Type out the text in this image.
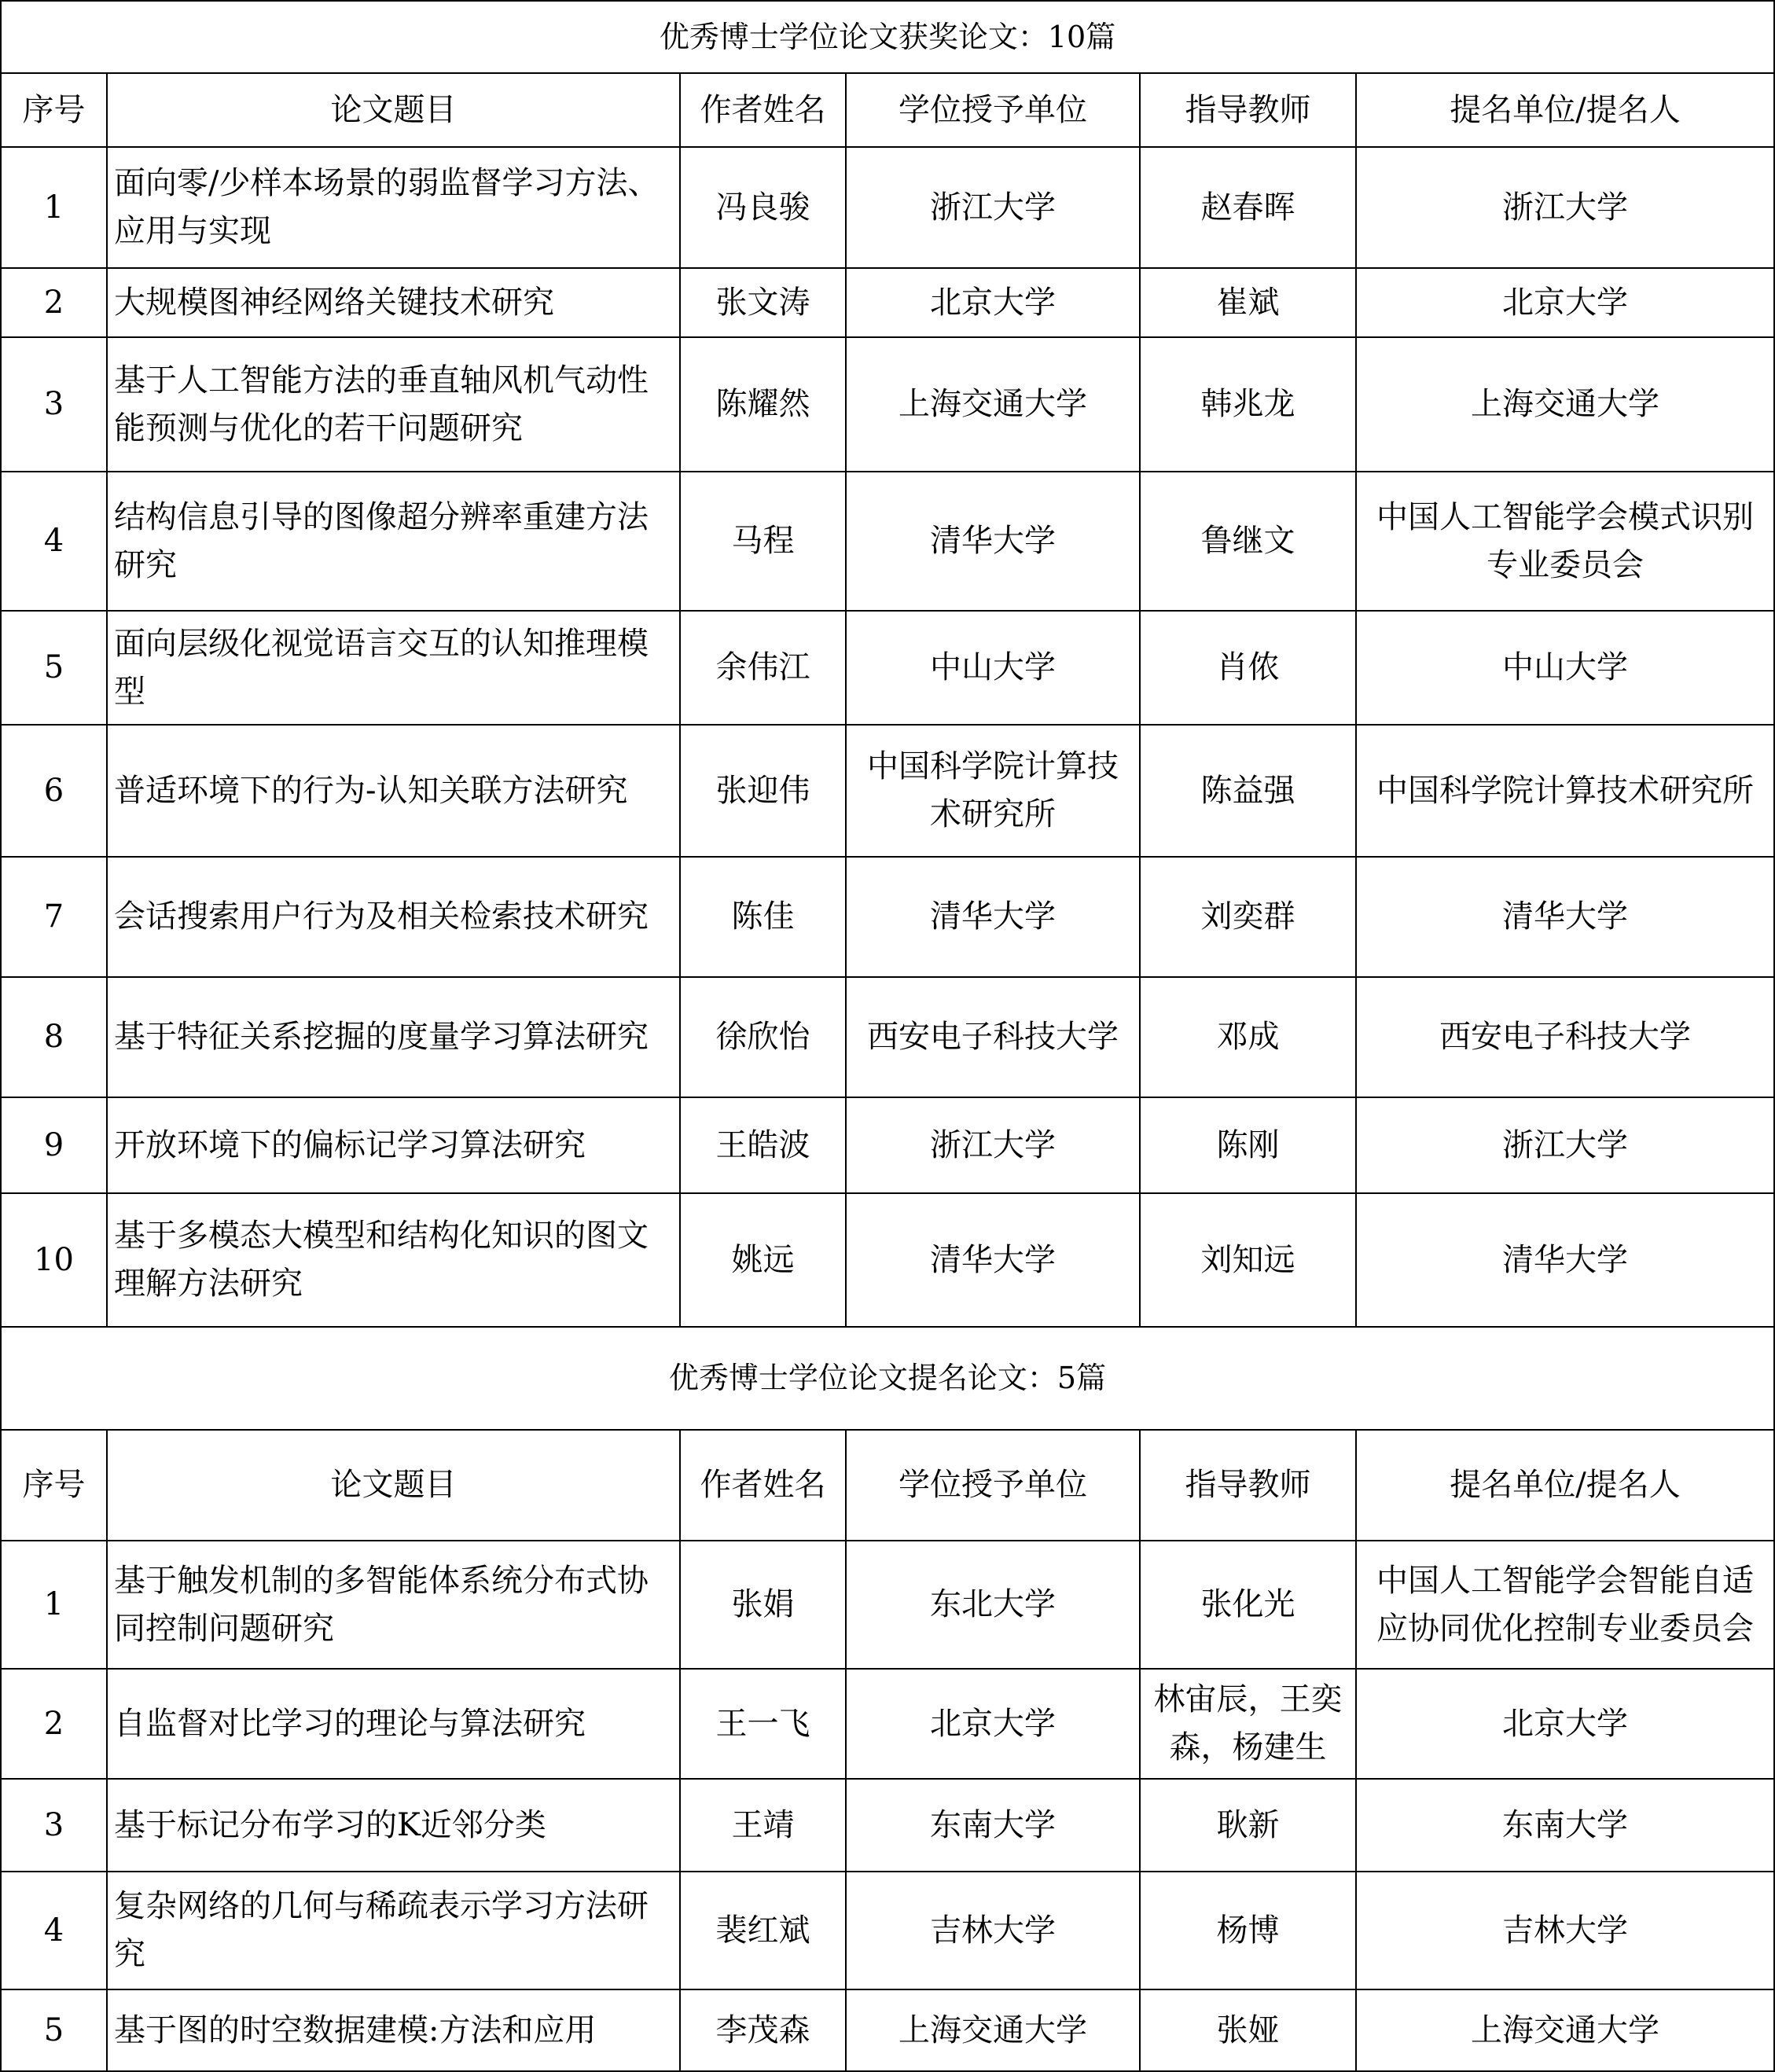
优秀博士学位论文获奖论文：10篇					
序号	论文题目	作者姓名	学位授予单位	指导教师	提名单位/提名人
1	面向零/少样本场景的弱监督学习方法、应用与实现	冯良骏	浙江大学	赵春晖	浙江大学
2	大规模图神经网络关键技术研究	张文涛	北京大学	崔斌	北京大学
3	基于人工智能方法的垂直轴风机气动性能预测与优化的若干问题研究	陈耀然	上海交通大学	韩兆龙	上海交通大学
4	结构信息引导的图像超分辨率重建方法研究	马程	清华大学	鲁继文	中国人工智能学会模式识别专业委员会
5	面向层级化视觉语言交互的认知推理模型	余伟江	中山大学	肖侬	中山大学
6	普适环境下的行为-认知关联方法研究	张迎伟	中国科学院计算技术研究所	陈益强	中国科学院计算技术研究所
7	会话搜索用户行为及相关检索技术研究	陈佳	清华大学	刘奕群	清华大学
8	基于特征关系挖掘的度量学习算法研究	徐欣怡	西安电子科技大学	邓成	西安电子科技大学
9	开放环境下的偏标记学习算法研究	王皓波	浙江大学	陈刚	浙江大学
10	基于多模态大模型和结构化知识的图文理解方法研究	姚远	清华大学	刘知远	清华大学
优秀博士学位论文提名论文：5篇					
序号	论文题目	作者姓名	学位授予单位	指导教师	提名单位/提名人
1	基于触发机制的多智能体系统分布式协同控制问题研究	张娟	东北大学	张化光	中国人工智能学会智能自适应协同优化控制专业委员会
2	自监督对比学习的理论与算法研究	王一飞	北京大学	林宙辰，王奕森，杨建生	北京大学
3	基于标记分布学习的K近邻分类	王靖	东南大学	耿新	东南大学
4	复杂网络的几何与稀疏表示学习方法研究	裴红斌	吉林大学	杨博	吉林大学
5	基于图的时空数据建模:方法和应用	李茂森	上海交通大学	张娅	上海交通大学
